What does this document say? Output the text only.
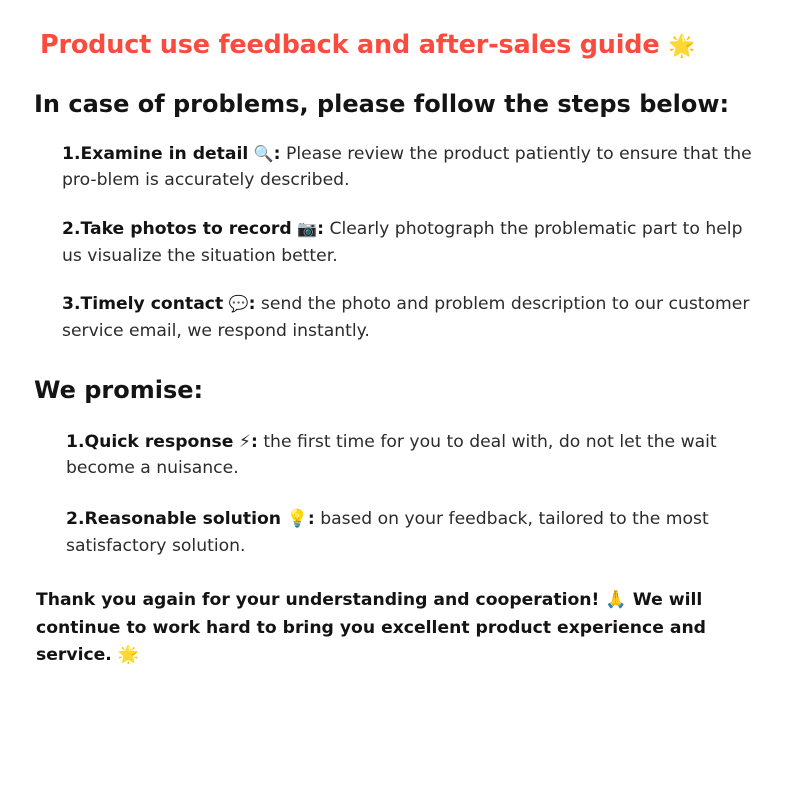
Product use feedback and after-sales guide 🌟
In case of problems, please follow the steps below:

1.Examine in detail 🔍: Please review the product patiently to ensure that the pro-blem is accurately described.

2.Take photos to record 📷: Clearly photograph the problematic part to help us visualize the situation better.

3.Timely contact 💬: send the photo and problem description to our customer service email, we respond instantly.

We promise:

1.Quick response ⚡: the first time for you to deal with, do not let the wait become a nuisance.

2.Reasonable solution 💡: based on your feedback, tailored to the most satisfactory solution.

Thank you again for your understanding and cooperation! 🙏 We will continue to work hard to bring you excellent product experience and service. 🌟
